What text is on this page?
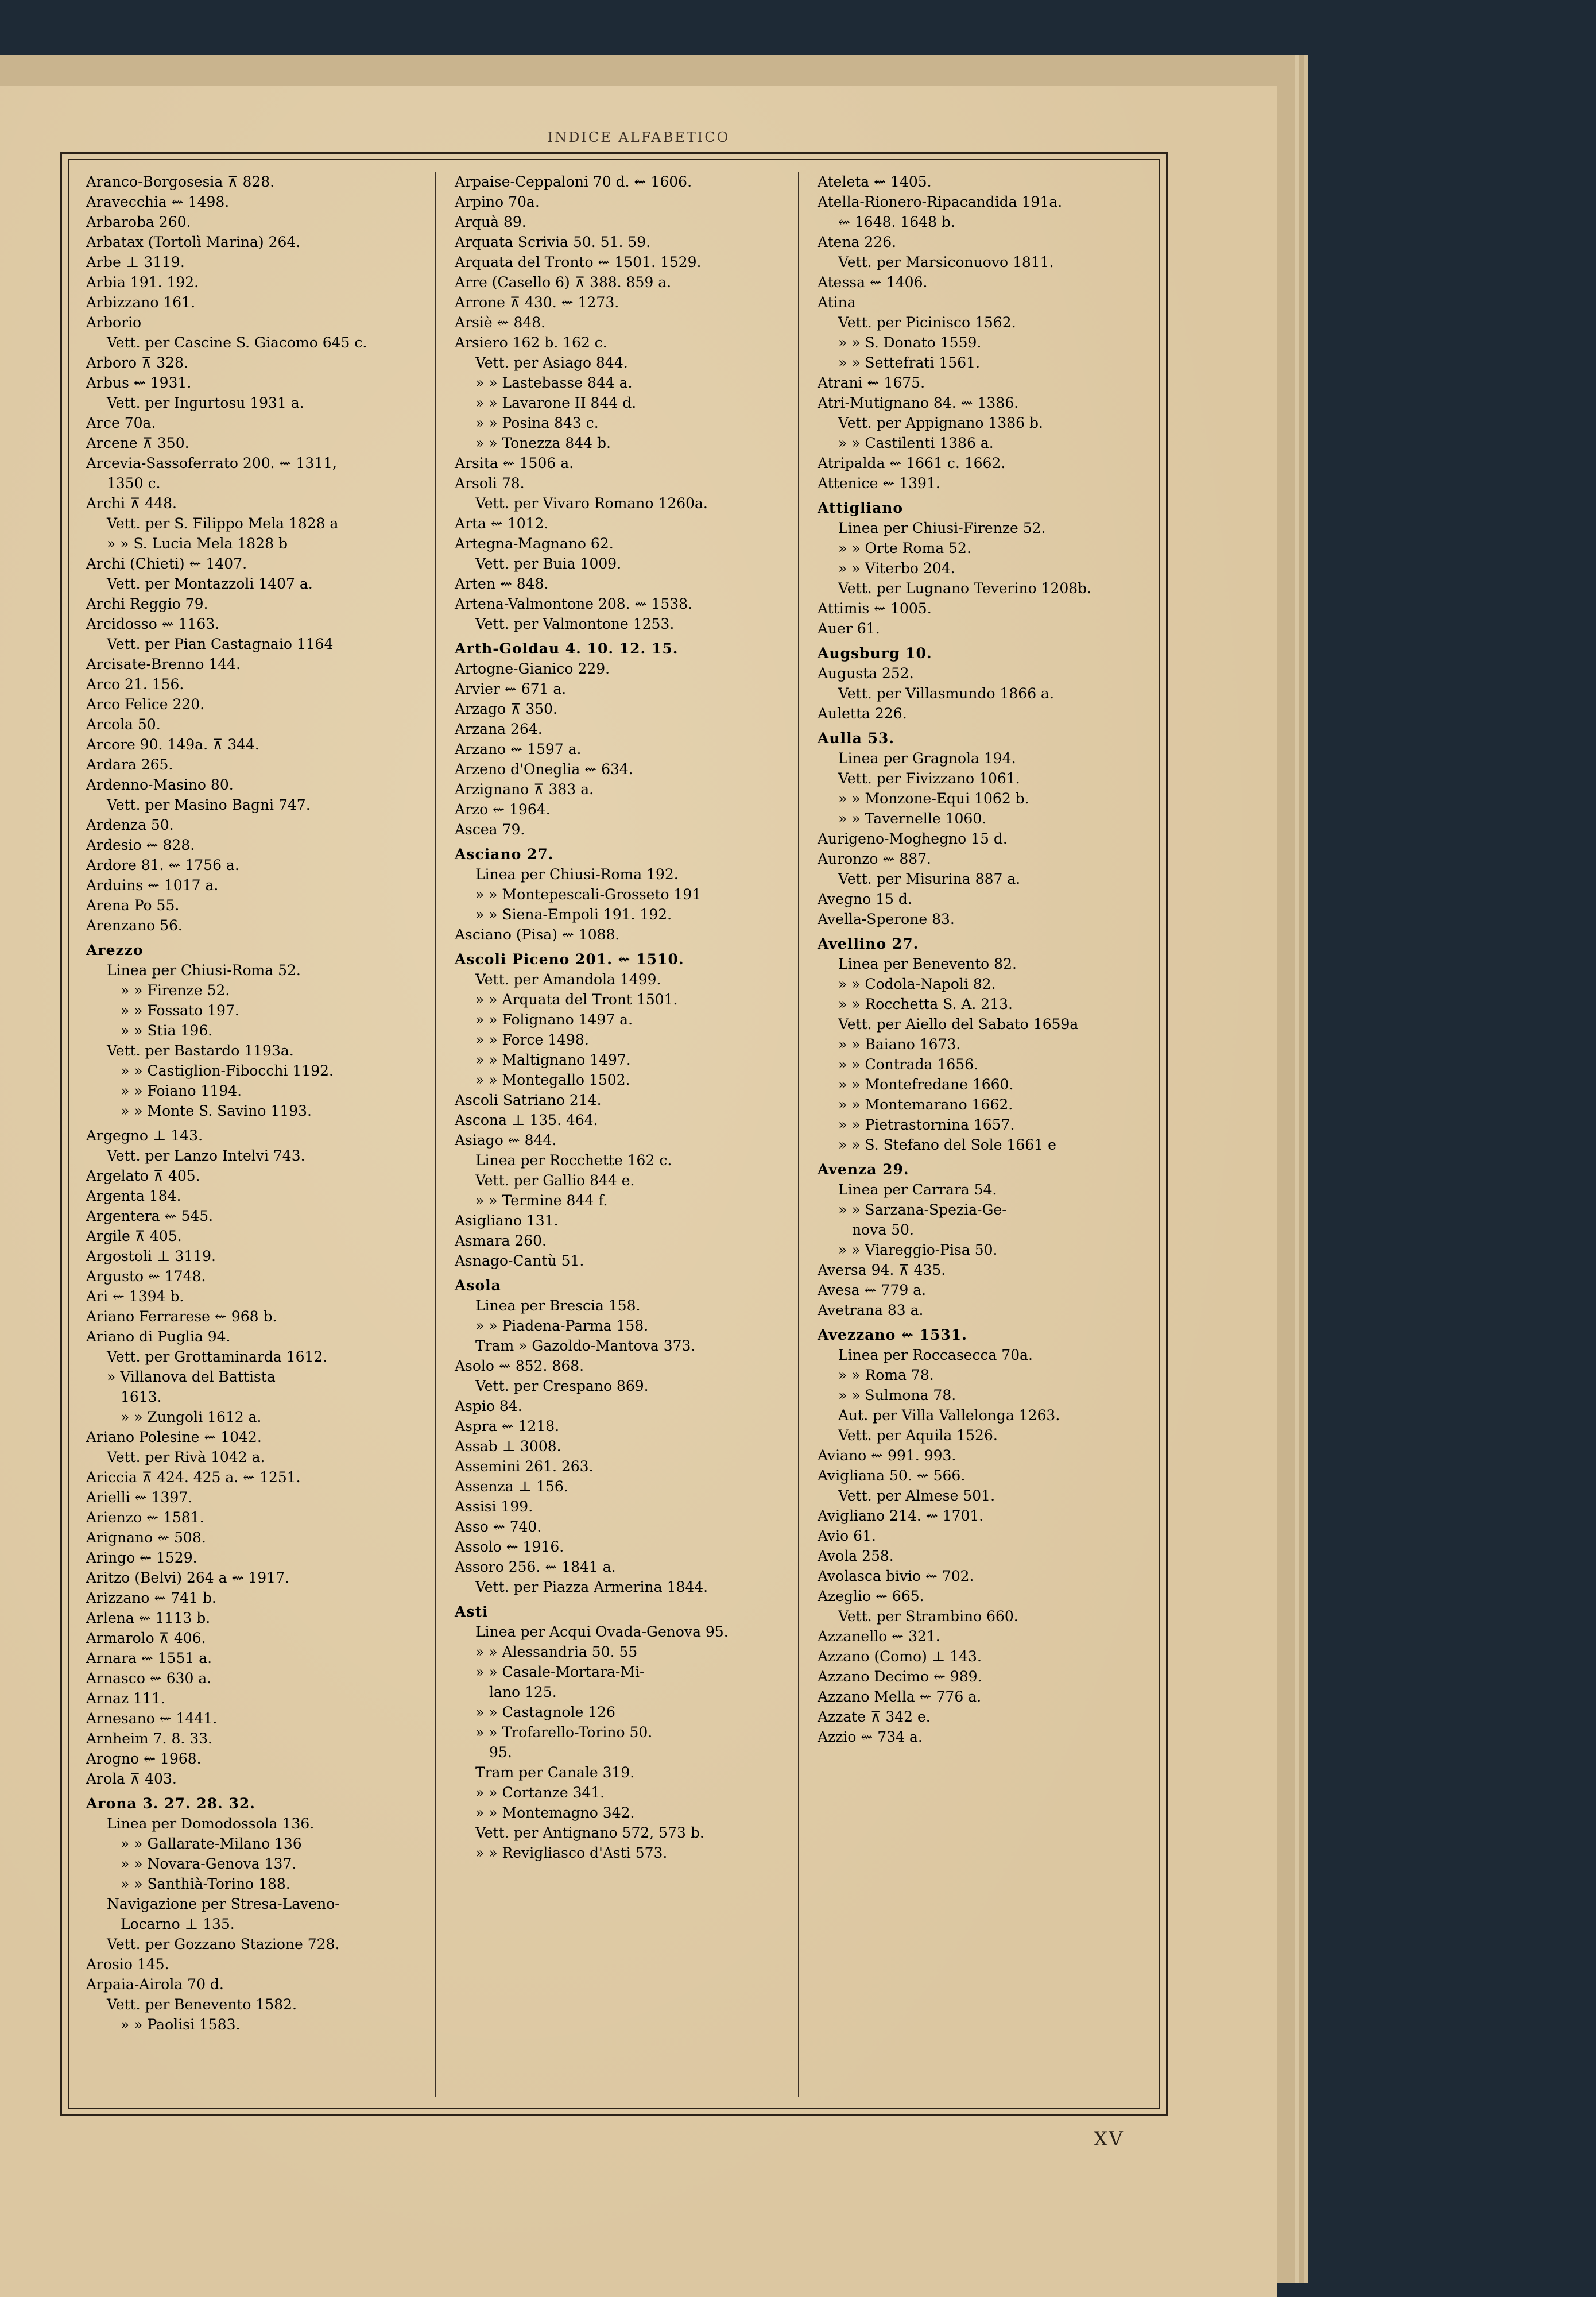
INDICE ALFABETICO
Aranco-Borgosesia ⊼ 828.
Aravecchia ⇜ 1498.
Arbaroba 260.
Arbatax (Tortolì Marina) 264.
Arbe ⊥ 3119.
Arbia 191. 192.
Arbizzano 161.
Arborio
Vett. per Cascine S. Giacomo 645 c.
Arboro ⊼ 328.
Arbus ⇜ 1931.
Vett. per Ingurtosu 1931 a.
Arce 70a.
Arcene ⊼ 350.
Arcevia-Sassoferrato 200. ⇜ 1311,
1350 c.
Archi ⊼ 448.
Vett. per S. Filippo Mela 1828 a
» » S. Lucia Mela 1828 b
Archi (Chieti) ⇜ 1407.
Vett. per Montazzoli 1407 a.
Archi Reggio 79.
Arcidosso ⇜ 1163.
Vett. per Pian Castagnaio 1164
Arcisate-Brenno 144.
Arco 21. 156.
Arco Felice 220.
Arcola 50.
Arcore 90. 149a. ⊼ 344.
Ardara 265.
Ardenno-Masino 80.
Vett. per Masino Bagni 747.
Ardenza 50.
Ardesio ⇜ 828.
Ardore 81. ⇜ 1756 a.
Arduins ⇜ 1017 a.
Arena Po 55.
Arenzano 56.
Arezzo
Linea per Chiusi-Roma 52.
» » Firenze 52.
» » Fossato 197.
» » Stia 196.
Vett. per Bastardo 1193a.
» » Castiglion-Fibocchi 1192.
» » Foiano 1194.
» » Monte S. Savino 1193.
Argegno ⊥ 143.
Vett. per Lanzo Intelvi 743.
Argelato ⊼ 405.
Argenta 184.
Argentera ⇜ 545.
Argile ⊼ 405.
Argostoli ⊥ 3119.
Argusto ⇜ 1748.
Ari ⇜ 1394 b.
Ariano Ferrarese ⇜ 968 b.
Ariano di Puglia 94.
Vett. per Grottaminarda 1612.
» Villanova del Battista
1613.
» » Zungoli 1612 a.
Ariano Polesine ⇜ 1042.
Vett. per Rivà 1042 a.
Ariccia ⊼ 424. 425 a. ⇜ 1251.
Arielli ⇜ 1397.
Arienzo ⇜ 1581.
Arignano ⇜ 508.
Aringo ⇜ 1529.
Aritzo (Belvi) 264 a ⇜ 1917.
Arizzano ⇜ 741 b.
Arlena ⇜ 1113 b.
Armarolo ⊼ 406.
Arnara ⇜ 1551 a.
Arnasco ⇜ 630 a.
Arnaz 111.
Arnesano ⇜ 1441.
Arnheim 7. 8. 33.
Arogno ⇜ 1968.
Arola ⊼ 403.
Arona 3. 27. 28. 32.
Linea per Domodossola 136.
» » Gallarate-Milano 136
» » Novara-Genova 137.
» » Santhià-Torino 188.
Navigazione per Stresa-Laveno-
Locarno ⊥ 135.
Vett. per Gozzano Stazione 728.
Arosio 145.
Arpaia-Airola 70 d.
Vett. per Benevento 1582.
» » Paolisi 1583.
Arpaise-Ceppaloni 70 d. ⇜ 1606.
Arpino 70a.
Arquà 89.
Arquata Scrivia 50. 51. 59.
Arquata del Tronto ⇜ 1501. 1529.
Arre (Casello 6) ⊼ 388. 859 a.
Arrone ⊼ 430. ⇜ 1273.
Arsiè ⇜ 848.
Arsiero 162 b. 162 c.
Vett. per Asiago 844.
» » Lastebasse 844 a.
» » Lavarone II 844 d.
» » Posina 843 c.
» » Tonezza 844 b.
Arsita ⇜ 1506 a.
Arsoli 78.
Vett. per Vivaro Romano 1260a.
Arta ⇜ 1012.
Artegna-Magnano 62.
Vett. per Buia 1009.
Arten ⇜ 848.
Artena-Valmontone 208. ⇜ 1538.
Vett. per Valmontone 1253.
Arth-Goldau 4. 10. 12. 15.
Artogne-Gianico 229.
Arvier ⇜ 671 a.
Arzago ⊼ 350.
Arzana 264.
Arzano ⇜ 1597 a.
Arzeno d'Oneglia ⇜ 634.
Arzignano ⊼ 383 a.
Arzo ⇜ 1964.
Ascea 79.
Asciano 27.
Linea per Chiusi-Roma 192.
» » Montepescali-Grosseto 191
» » Siena-Empoli 191. 192.
Asciano (Pisa) ⇜ 1088.
Ascoli Piceno 201. ⇜ 1510.
Vett. per Amandola 1499.
» » Arquata del Tront 1501.
» » Folignano 1497 a.
» » Force 1498.
» » Maltignano 1497.
» » Montegallo 1502.
Ascoli Satriano 214.
Ascona ⊥ 135. 464.
Asiago ⇜ 844.
Linea per Rocchette 162 c.
Vett. per Gallio 844 e.
» » Termine 844 f.
Asigliano 131.
Asmara 260.
Asnago-Cantù 51.
Asola
Linea per Brescia 158.
» » Piadena-Parma 158.
Tram » Gazoldo-Mantova 373.
Asolo ⇜ 852. 868.
Vett. per Crespano 869.
Aspio 84.
Aspra ⇜ 1218.
Assab ⊥ 3008.
Assemini 261. 263.
Assenza ⊥ 156.
Assisi 199.
Asso ⇜ 740.
Assolo ⇜ 1916.
Assoro 256. ⇜ 1841 a.
Vett. per Piazza Armerina 1844.
Asti
Linea per Acqui Ovada-Genova 95.
» » Alessandria 50. 55
» » Casale-Mortara-Mi-
lano 125.
» » Castagnole 126
» » Trofarello-Torino 50.
95.
Tram per Canale 319.
» » Cortanze 341.
» » Montemagno 342.
Vett. per Antignano 572, 573 b.
» » Revigliasco d'Asti 573.
Ateleta ⇜ 1405.
Atella-Rionero-Ripacandida 191a.
⇜ 1648. 1648 b.
Atena 226.
Vett. per Marsiconuovo 1811.
Atessa ⇜ 1406.
Atina
Vett. per Picinisco 1562.
» » S. Donato 1559.
» » Settefrati 1561.
Atrani ⇜ 1675.
Atri-Mutignano 84. ⇜ 1386.
Vett. per Appignano 1386 b.
» » Castilenti 1386 a.
Atripalda ⇜ 1661 c. 1662.
Attenice ⇜ 1391.
Attigliano
Linea per Chiusi-Firenze 52.
» » Orte Roma 52.
» » Viterbo 204.
Vett. per Lugnano Teverino 1208b.
Attimis ⇜ 1005.
Auer 61.
Augsburg 10.
Augusta 252.
Vett. per Villasmundo 1866 a.
Auletta 226.
Aulla 53.
Linea per Gragnola 194.
Vett. per Fivizzano 1061.
» » Monzone-Equi 1062 b.
» » Tavernelle 1060.
Aurigeno-Moghegno 15 d.
Auronzo ⇜ 887.
Vett. per Misurina 887 a.
Avegno 15 d.
Avella-Sperone 83.
Avellino 27.
Linea per Benevento 82.
» » Codola-Napoli 82.
» » Rocchetta S. A. 213.
Vett. per Aiello del Sabato 1659a
» » Baiano 1673.
» » Contrada 1656.
» » Montefredane 1660.
» » Montemarano 1662.
» » Pietrastornina 1657.
» » S. Stefano del Sole 1661 e
Avenza 29.
Linea per Carrara 54.
» » Sarzana-Spezia-Ge-
nova 50.
» » Viareggio-Pisa 50.
Aversa 94. ⊼ 435.
Avesa ⇜ 779 a.
Avetrana 83 a.
Avezzano ⇜ 1531.
Linea per Roccasecca 70a.
» » Roma 78.
» » Sulmona 78.
Aut. per Villa Vallelonga 1263.
Vett. per Aquila 1526.
Aviano ⇜ 991. 993.
Avigliana 50. ⇜ 566.
Vett. per Almese 501.
Avigliano 214. ⇜ 1701.
Avio 61.
Avola 258.
Avolasca bivio ⇜ 702.
Azeglio ⇜ 665.
Vett. per Strambino 660.
Azzanello ⇜ 321.
Azzano (Como) ⊥ 143.
Azzano Decimo ⇜ 989.
Azzano Mella ⇜ 776 a.
Azzate ⊼ 342 e.
Azzio ⇜ 734 a.
XV
